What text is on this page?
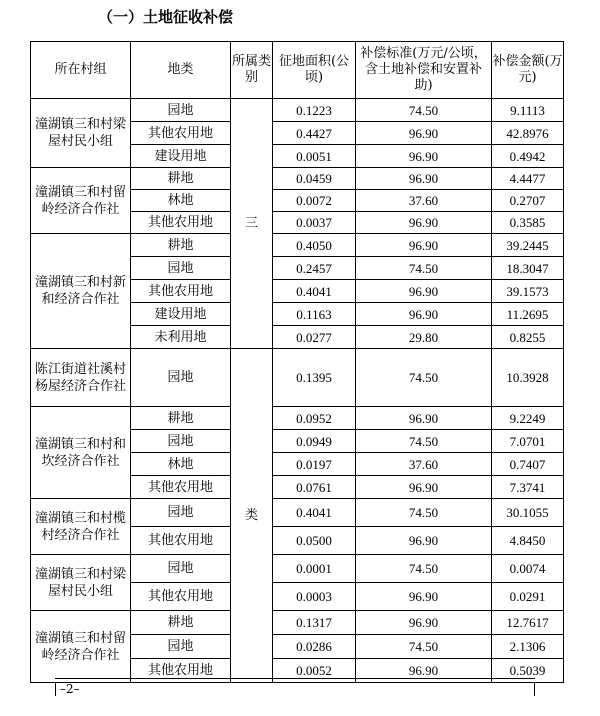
（一）土地征收补偿
所在村组	地类	所属类别	征地面积(公顷)	补偿标准(万元/公顷，含土地补偿和安置补助)	补偿金额(万元)
潼湖镇三和村梁屋村民小组	园地	三	0.1223	74.50	9.1113
	其他农用地		0.4427	96.90	42.8976
	建设用地		0.0051	96.90	0.4942
潼湖镇三和村留岭经济合作社	耕地		0.0459	96.90	4.4477
	林地		0.0072	37.60	0.2707
	其他农用地		0.0037	96.90	0.3585
潼湖镇三和村新和经济合作社	耕地		0.4050	96.90	39.2445
	园地		0.2457	74.50	18.3047
	其他农用地		0.4041	96.90	39.1573
	建设用地		0.1163	96.90	11.2695
	未利用地		0.0277	29.80	0.8255
陈江街道社溪村杨屋经济合作社	园地	类	0.1395	74.50	10.3928
潼湖镇三和村和坎经济合作社	耕地		0.0952	96.90	9.2249
	园地		0.0949	74.50	7.0701
	林地		0.0197	37.60	0.7407
	其他农用地		0.0761	96.90	7.3741
潼湖镇三和村榄村经济合作社	园地		0.4041	74.50	30.1055
	其他农用地		0.0500	96.90	4.8450
潼湖镇三和村梁屋村民小组	园地		0.0001	74.50	0.0074
	其他农用地		0.0003	96.90	0.0291
潼湖镇三和村留岭经济合作社	耕地		0.1317	96.90	12.7617
	园地		0.0286	74.50	2.1306
	其他农用地		0.0052	96.90	0.5039
–2–
